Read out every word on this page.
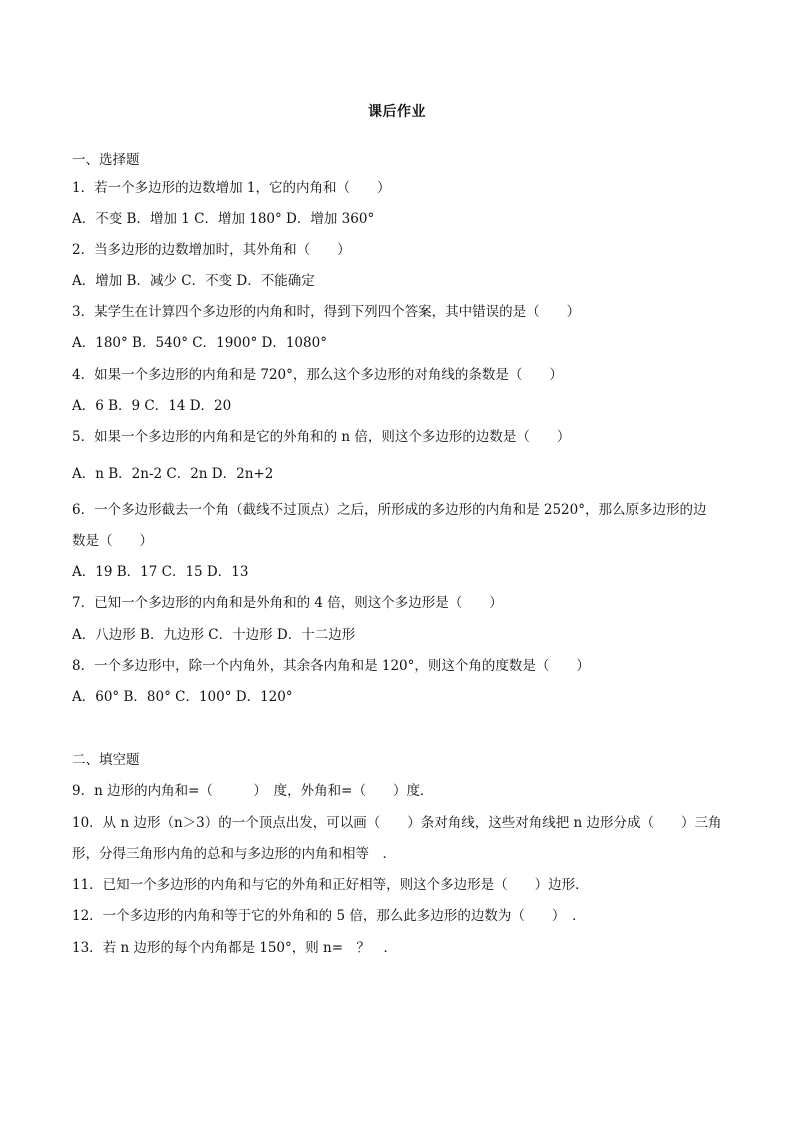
课后作业
一、选择题
1．若一个多边形的边数增加 1，它的内角和（　　）
A．不变 B．增加 1 C．增加 180° D．增加 360°
2．当多边形的边数增加时，其外角和（　　）
A．增加 B．减少 C．不变 D．不能确定
3．某学生在计算四个多边形的内角和时，得到下列四个答案，其中错误的是（　　）
A．180° B．540° C．1900° D．1080°
4．如果一个多边形的内角和是 720°，那么这个多边形的对角线的条数是（　　）
A．6 B．9 C．14 D．20
5．如果一个多边形的内角和是它的外角和的 n 倍，则这个多边形的边数是（　　）
A．n B．2n-2 C．2n D．2n+2
6．一个多边形截去一个角（截线不过顶点）之后，所形成的多边形的内角和是 2520°，那么原多边形的边
数是（　　）
A．19 B．17 C．15 D．13
7．已知一个多边形的内角和是外角和的 4 倍，则这个多边形是（　　）
A．八边形 B．九边形 C．十边形 D．十二边形
8．一个多边形中，除一个内角外，其余各内角和是 120°，则这个角的度数是（　　）
A．60° B．80° C．100° D．120°
二、填空题
9．n 边形的内角和=（　　　）　度，外角和=（　　）度．
10．从 n 边形（n＞3）的一个顶点出发，可以画（　　）条对角线，这些对角线把 n 边形分成（　　）三角
形，分得三角形内角的总和与多边形的内角和相等　．
11．已知一个多边形的内角和与它的外角和正好相等，则这个多边形是（　　）边形．
12．一个多边形的内角和等于它的外角和的 5 倍，那么此多边形的边数为（　　）　．
13．若 n 边形的每个内角都是 150°，则 n=　？　．
